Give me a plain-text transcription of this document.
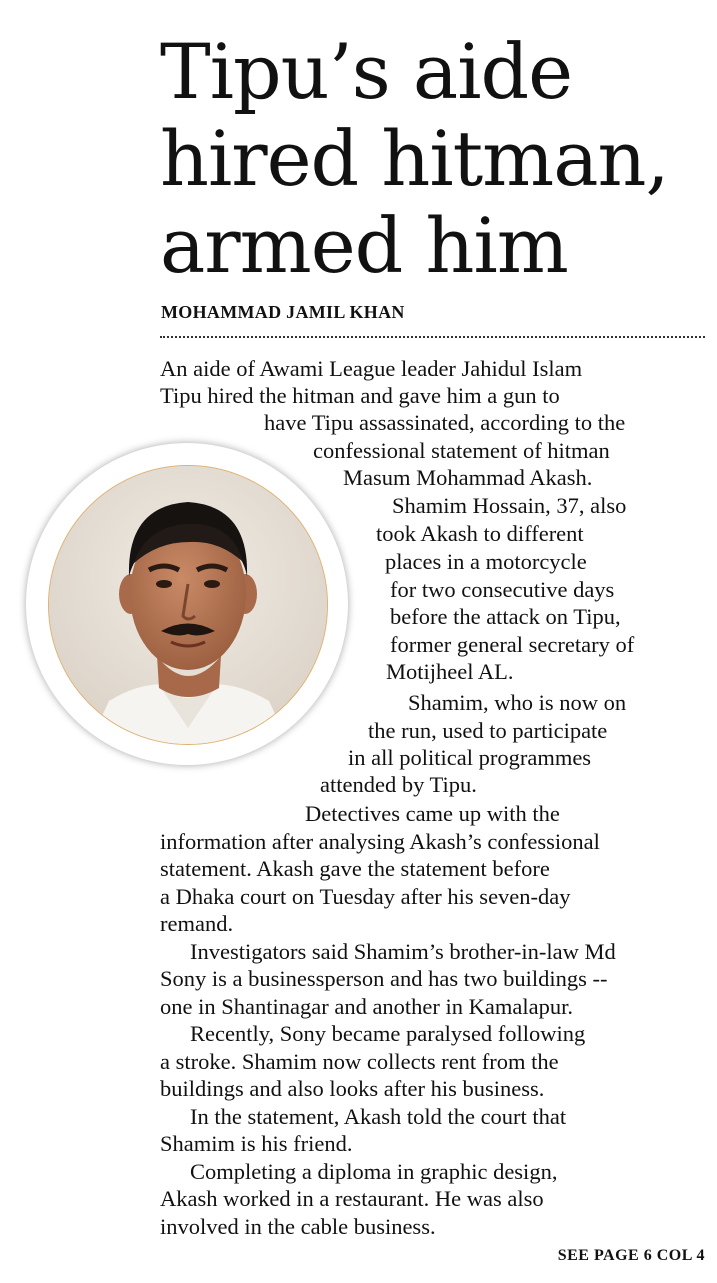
Tipu’s aide
hired hitman,
armed him
MOHAMMAD JAMIL KHAN
An aide of Awami League leader Jahidul Islam
Tipu hired the hitman and gave him a gun to
have Tipu assassinated, according to the
confessional statement of hitman
Masum Mohammad Akash.
Shamim Hossain, 37, also
took Akash to different
places in a motorcycle
for two consecutive days
before the attack on Tipu,
former general secretary of
Motijheel AL.
Shamim, who is now on
the run, used to participate
in all political programmes
attended by Tipu.
Detectives came up with the
information after analysing Akash’s confessional
statement. Akash gave the statement before
a Dhaka court on Tuesday after his seven-day
remand.
Investigators said Shamim’s brother-in-law Md
Sony is a businessperson and has two buildings --
one in Shantinagar and another in Kamalapur.
Recently, Sony became paralysed following
a stroke. Shamim now collects rent from the
buildings and also looks after his business.
In the statement, Akash told the court that
Shamim is his friend.
Completing a diploma in graphic design,
Akash worked in a restaurant. He was also
involved in the cable business.
SEE PAGE 6 COL 4
